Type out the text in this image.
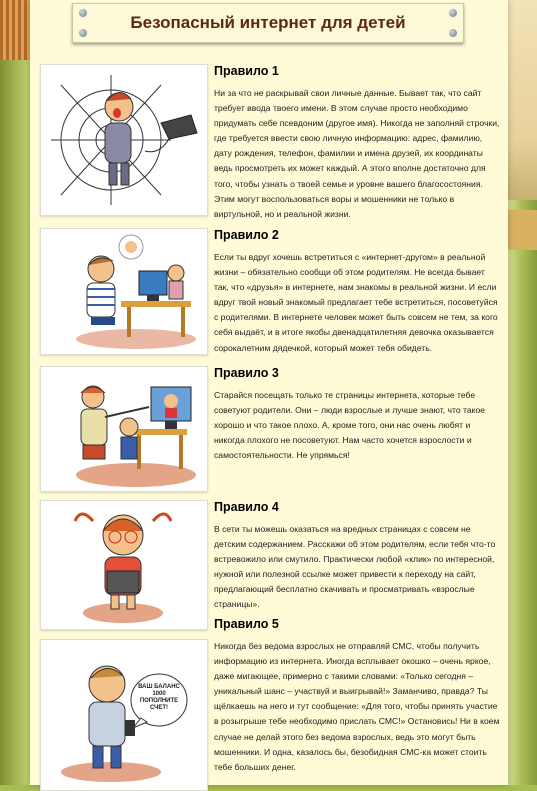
Безопасный интернет для детей
Правило 1

Ни за что не раскрывай свои личные данные. Бывает так, что сайт требует ввода твоего имени. В этом случае просто необходимо придумать себе псевдоним (другое имя). Никогда не заполняй строчки, где требуется ввести свою личную информацию: адрес, фамилию, дату рождения, телефон, фамилии и имена друзей, их координаты ведь просмотреть их может каждый. А этого вполне достаточно для того, чтобы узнать о твоей семье и уровне вашего благосостояния. Этим могут воспользоваться воры и мошенники не только в виртульной, но и реальной жизни.

Правило 2

Если ты вдруг хочешь встретиться с «интернет-другом» в реальной жизни – обязательно сообщи об этом родителям. Не всегда бывает так, что «друзья» в интернете, нам знакомы в реальной жизни. И если вдруг твой новый знакомый предлагает тебе встретиться, посоветуйся с родителями. В интернете человек может быть совсем не тем, за кого себя выдаёт, и в итоге якобы двенадцатилетняя девочка оказывается сорокалетним дядечкой, который может тебя обидеть.

Правило 3

Старайся посещать только те страницы интернета, которые тебе советуют родители. Они – люди взрослые и лучше знают, что такое хорошо и что такое плохо. А, кроме того, они нас очень любят и никогда плохого не посоветуют. Нам часто хочется взрослости и самостоятельности. Не упрямься!

Правило 4

В сети ты можешь оказаться на вредных страницах с совсем не детским содержанием. Расскажи об этом родителям, если тебя что-то встревожило или смутило. Практически любой «клик» по интересной, нужной или полезной ссылке может привести к переходу на сайт, предлагающий бесплатно скачивать и просматривать «взрослые страницы».

ВАШ БАЛАНС 1000 ПОПОЛНИТЕ СЧЕТ!
Правило 5

Никогда без ведома взрослых не отправляй СМС, чтобы получить информацию из интернета. Иногда всплывает окошко – очень яркое, даже мигающее, примерно с такими словами: «Только сегодня – уникальный шанс – участвуй и выигрывай!» Заманчиво, правда? Ты щёлкаешь на него и тут сообщение: «Для того, чтобы принять участие в розыгрыше тебе необходимо прислать СМС!» Остановись! Ни в коем случае не делай этого без ведома взрослых, ведь это могут быть мошенники. И одна, казалось бы, безобидная СМС-ка может стоить тебе больших денег.
